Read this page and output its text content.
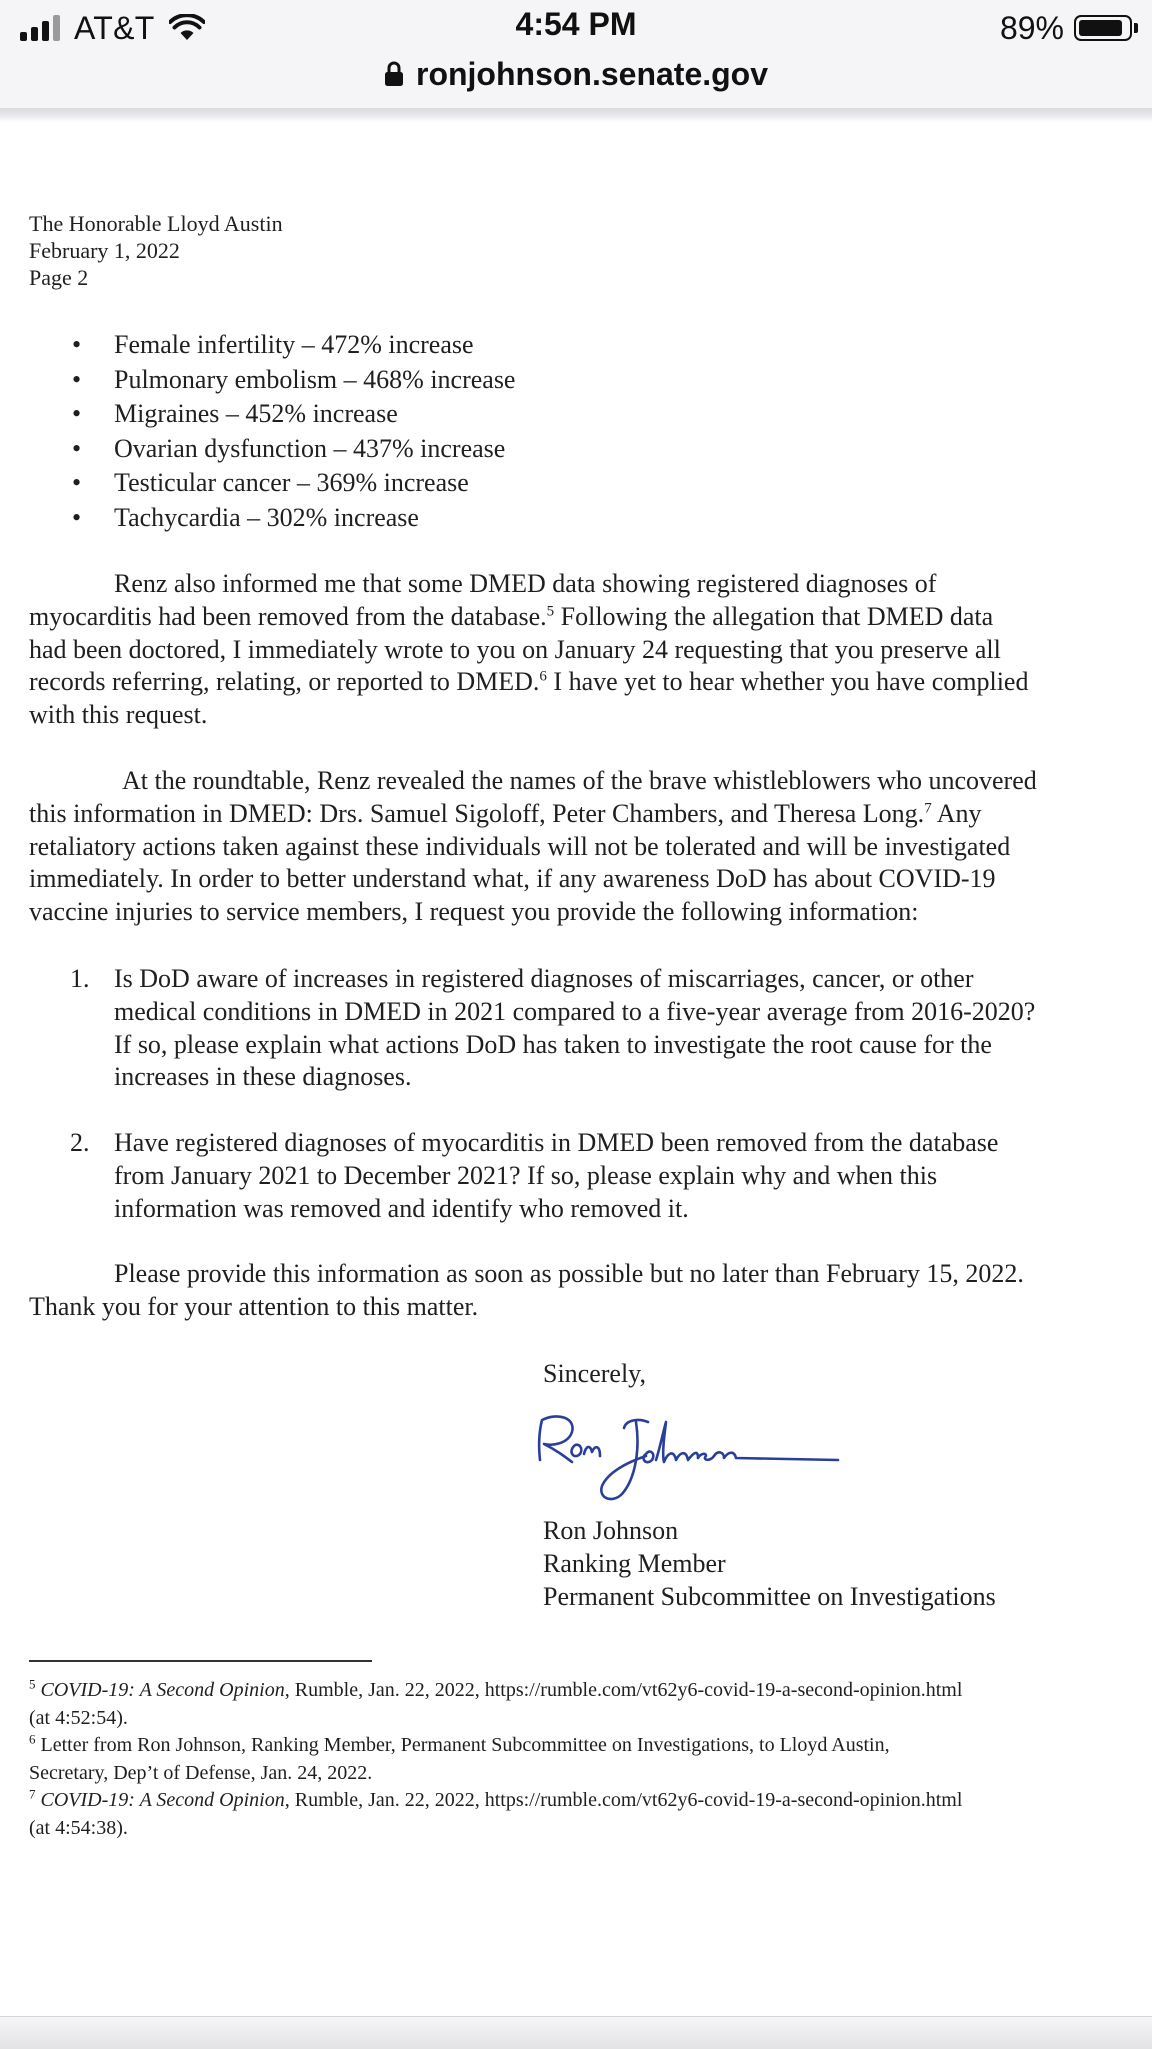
AT&T	4:54 PM	89%
ronjohnson.senate.gov
The Honorable Lloyd Austin
February 1, 2022
Page 2
• Female infertility – 472% increase
• Pulmonary embolism – 468% increase
• Migraines – 452% increase
• Ovarian dysfunction – 437% increase
• Testicular cancer – 369% increase
• Tachycardia – 302% increase

Renz also informed me that some DMED data showing registered diagnoses of
myocarditis had been removed from the database.$^5$ Following the allegation that DMED data
had been doctored, I immediately wrote to you on January 24 requesting that you preserve all
records referring, relating, or reported to DMED.$^6$ I have yet to hear whether you have complied
with this request.

At the roundtable, Renz revealed the names of the brave whistleblowers who uncovered
this information in DMED: Drs. Samuel Sigoloff, Peter Chambers, and Theresa Long.$^7$ Any
retaliatory actions taken against these individuals will not be tolerated and will be investigated
immediately. In order to better understand what, if any awareness DoD has about COVID-19
vaccine injuries to service members, I request you provide the following information:

1. Is DoD aware of increases in registered diagnoses of miscarriages, cancer, or other
medical conditions in DMED in 2021 compared to a five-year average from 2016-2020?
If so, please explain what actions DoD has taken to investigate the root cause for the
increases in these diagnoses.
2. Have registered diagnoses of myocarditis in DMED been removed from the database
from January 2021 to December 2021? If so, please explain why and when this
information was removed and identify who removed it.

Please provide this information as soon as possible but no later than February 15, 2022.
Thank you for your attention to this matter.

Sincerely,
Ron Johnson
Ranking Member
Permanent Subcommittee on Investigations
$^5$ COVID-19: A Second Opinion, Rumble, Jan. 22, 2022, https://rumble.com/vt62y6-covid-19-a-second-opinion.html
(at 4:52:54).
$^6$ Letter from Ron Johnson, Ranking Member, Permanent Subcommittee on Investigations, to Lloyd Austin,
Secretary, Dep’t of Defense, Jan. 24, 2022.
$^7$ COVID-19: A Second Opinion, Rumble, Jan. 22, 2022, https://rumble.com/vt62y6-covid-19-a-second-opinion.html
(at 4:54:38).
